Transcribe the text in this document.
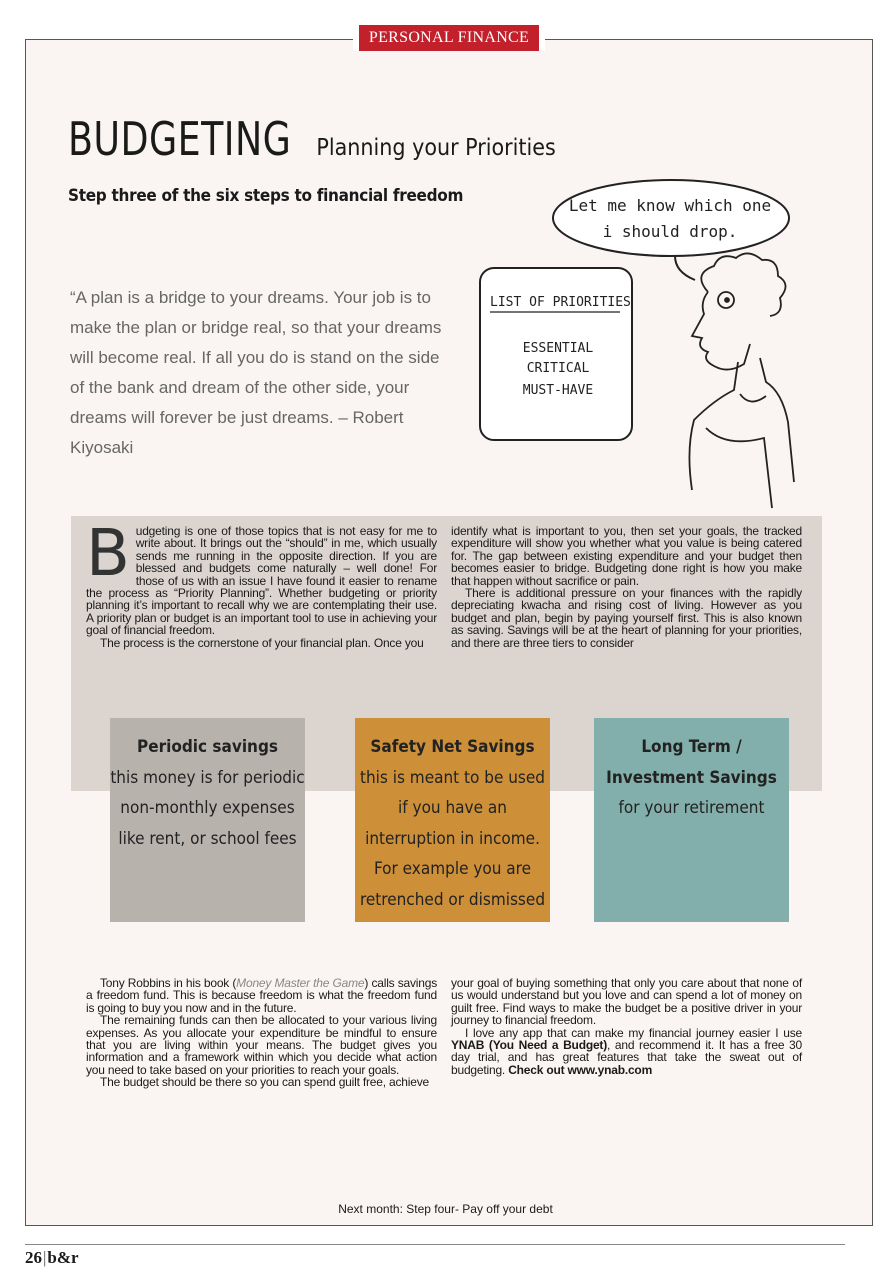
PERSONAL FINANCE
BUDGETING Planning your Priorities
Step three of the six steps to financial freedom
“A plan is a bridge to your dreams. Your job is to make the plan or bridge real, so that your dreams will become real. If all you do is stand on the side of the bank and dream of the other side, your dreams will forever be just dreams. – Robert Kiyosaki
Let me know which one
i should drop.
LIST OF PRIORITIES
ESSENTIAL
CRITICAL
MUST-HAVE

Budgeting is one of those topics that is not easy for me to write about. It brings out the “should” in me, which usually sends me running in the opposite direction. If you are blessed and budgets come naturally – well done! For those of us with an issue I have found it easier to rename the process as “Priority Planning”. Whether budgeting or priority planning it’s important to recall why we are contemplating their use. A priority plan or budget is an important tool to use in achieving your goal of financial freedom.

The process is the cornerstone of your financial plan. Once you

identify what is important to you, then set your goals, the tracked expenditure will show you whether what you value is being catered for. The gap between existing expenditure and your budget then becomes easier to bridge. Budgeting done right is how you make that happen without sacrifice or pain.

There is additional pressure on your finances with the rapidly depreciating kwacha and rising cost of living. However as you budget and plan, begin by paying yourself first. This is also known as saving. Savings will be at the heart of planning for your priorities, and there are three tiers to consider

Periodic savings
this money is for periodic non-monthly expenses like rent, or school fees
Safety Net Savings
this is meant to be used if you have an interruption in income. For example you are retrenched or dismissed
Long Term / Investment Savings
for your retirement

Tony Robbins in his book (Money Master the Game) calls savings a freedom fund. This is because freedom is what the freedom fund is going to buy you now and in the future.

The remaining funds can then be allocated to your various living expenses. As you allocate your expenditure be mindful to ensure that you are living within your means. The budget gives you information and a framework within which you decide what action you need to take based on your priorities to reach your goals.

The budget should be there so you can spend guilt free, achieve

your goal of buying something that only you care about that none of us would understand but you love and can spend a lot of money on guilt free. Find ways to make the budget be a positive driver in your journey to financial freedom.

I love any app that can make my financial journey easier I use YNAB (You Need a Budget), and recommend it. It has a free 30 day trial, and has great features that take the sweat out of budgeting. Check out www.ynab.com

Next month: Step four- Pay off your debt
26|b&r
